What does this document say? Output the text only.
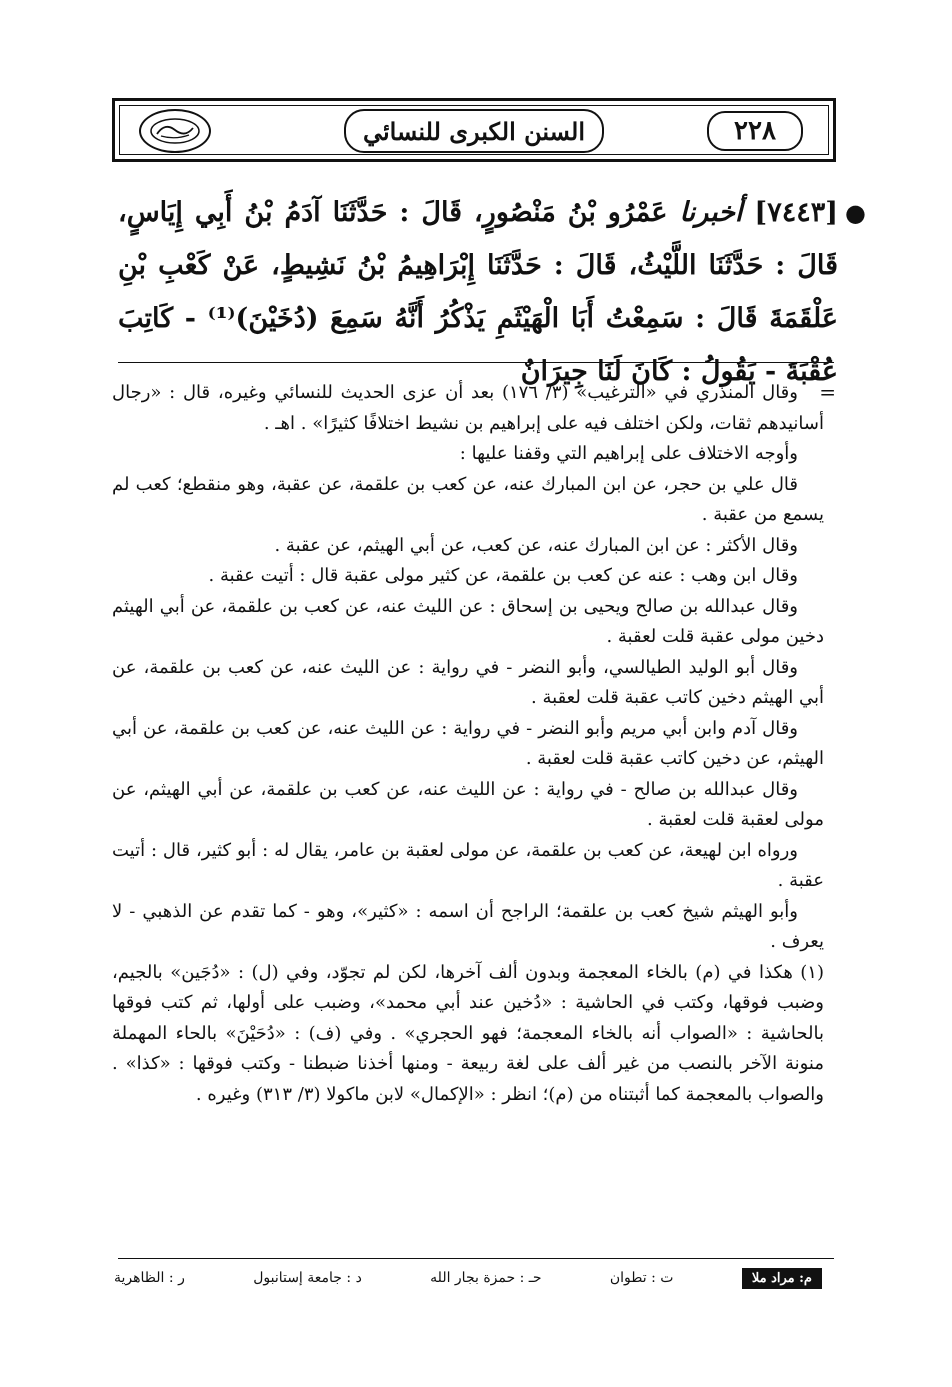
٢٢٨
السنن الكبرى للنسائي
●
[٧٤٤٣] أخبرنا عَمْرُو بْنُ مَنْصُورٍ، قَالَ : حَدَّثَنَا آدَمُ بْنُ أَبِي إِيَاسٍ، قَالَ : حَدَّثَنَا اللَّيْثُ، قَالَ : حَدَّثَنَا إِبْرَاهِيمُ بْنُ نَشِيطٍ، عَنْ كَعْبِ بْنِ عَلْقَمَةَ قَالَ : سَمِعْتُ أَبَا الْهَيْثَمِ يَذْكُرُ أَنَّهُ سَمِعَ (دُخَيْنَ)⁽¹⁾ - كَاتِبَ عُقْبَةَ - يَقُولُ : كَانَ لَنَا جِيرَانٌ
=

وقال المنذري في «الترغيب» (٣/ ١٧٦) بعد أن عزى الحديث للنسائي وغيره، قال : «رجال أسانيدهم ثقات، ولكن اختلف فيه على إبراهيم بن نشيط اختلافًا كثيرًا» . اهـ .

وأوجه الاختلاف على إبراهيم التي وقفنا عليها :

قال علي بن حجر، عن ابن المبارك عنه، عن كعب بن علقمة، عن عقبة، وهو منقطع؛ كعب لم يسمع من عقبة .

وقال الأكثر : عن ابن المبارك عنه، عن كعب، عن أبي الهيثم، عن عقبة .

وقال ابن وهب : عنه عن كعب بن علقمة، عن كثير مولى عقبة قال : أتيت عقبة .

وقال عبدالله بن صالح ويحيى بن إسحاق : عن الليث عنه، عن كعب بن علقمة، عن أبي الهيثم دخين مولى عقبة قلت لعقبة .

وقال أبو الوليد الطيالسي، وأبو النضر - في رواية : عن الليث عنه، عن كعب بن علقمة، عن أبي الهيثم دخين كاتب عقبة قلت لعقبة .

وقال آدم وابن أبي مريم وأبو النضر - في رواية : عن الليث عنه، عن كعب بن علقمة، عن أبي الهيثم، عن دخين كاتب عقبة قلت لعقبة .

وقال عبدالله بن صالح - في رواية : عن الليث عنه، عن كعب بن علقمة، عن أبي الهيثم، عن مولى لعقبة قلت لعقبة .

ورواه ابن لهيعة، عن كعب بن علقمة، عن مولى لعقبة بن عامر، يقال له : أبو كثير، قال : أتيت عقبة .

وأبو الهيثم شيخ كعب بن علقمة؛ الراجح أن اسمه : «كثير»، وهو - كما تقدم عن الذهبي - لا يعرف .

(١) هكذا في (م) بالخاء المعجمة وبدون ألف آخرها، لكن لم تجوّد، وفي (ل) : «دُجَين» بالجيم، وضبب فوقها، وكتب في الحاشية : «دُخين عند أبي محمد»، وضبب على أولها، ثم كتب فوقها بالحاشية : «الصواب أنه بالخاء المعجمة؛ فهو الحجري» . وفي (ف) : «دُحَيْنَ» بالحاء المهملة منونة الآخر بالنصب من غير ألف على لغة ربيعة - ومنها أخذنا ضبطنا - وكتب فوقها : «كذا» . والصواب بالمعجمة كما أثبتناه من (م)؛ انظر : «الإكمال» لابن ماكولا (٣/ ٣١٣) وغيره .

م: مراد ملا
ت : تطوان
حـ : حمزة بجار الله
د : جامعة إستانبول
ر : الظاهرية
